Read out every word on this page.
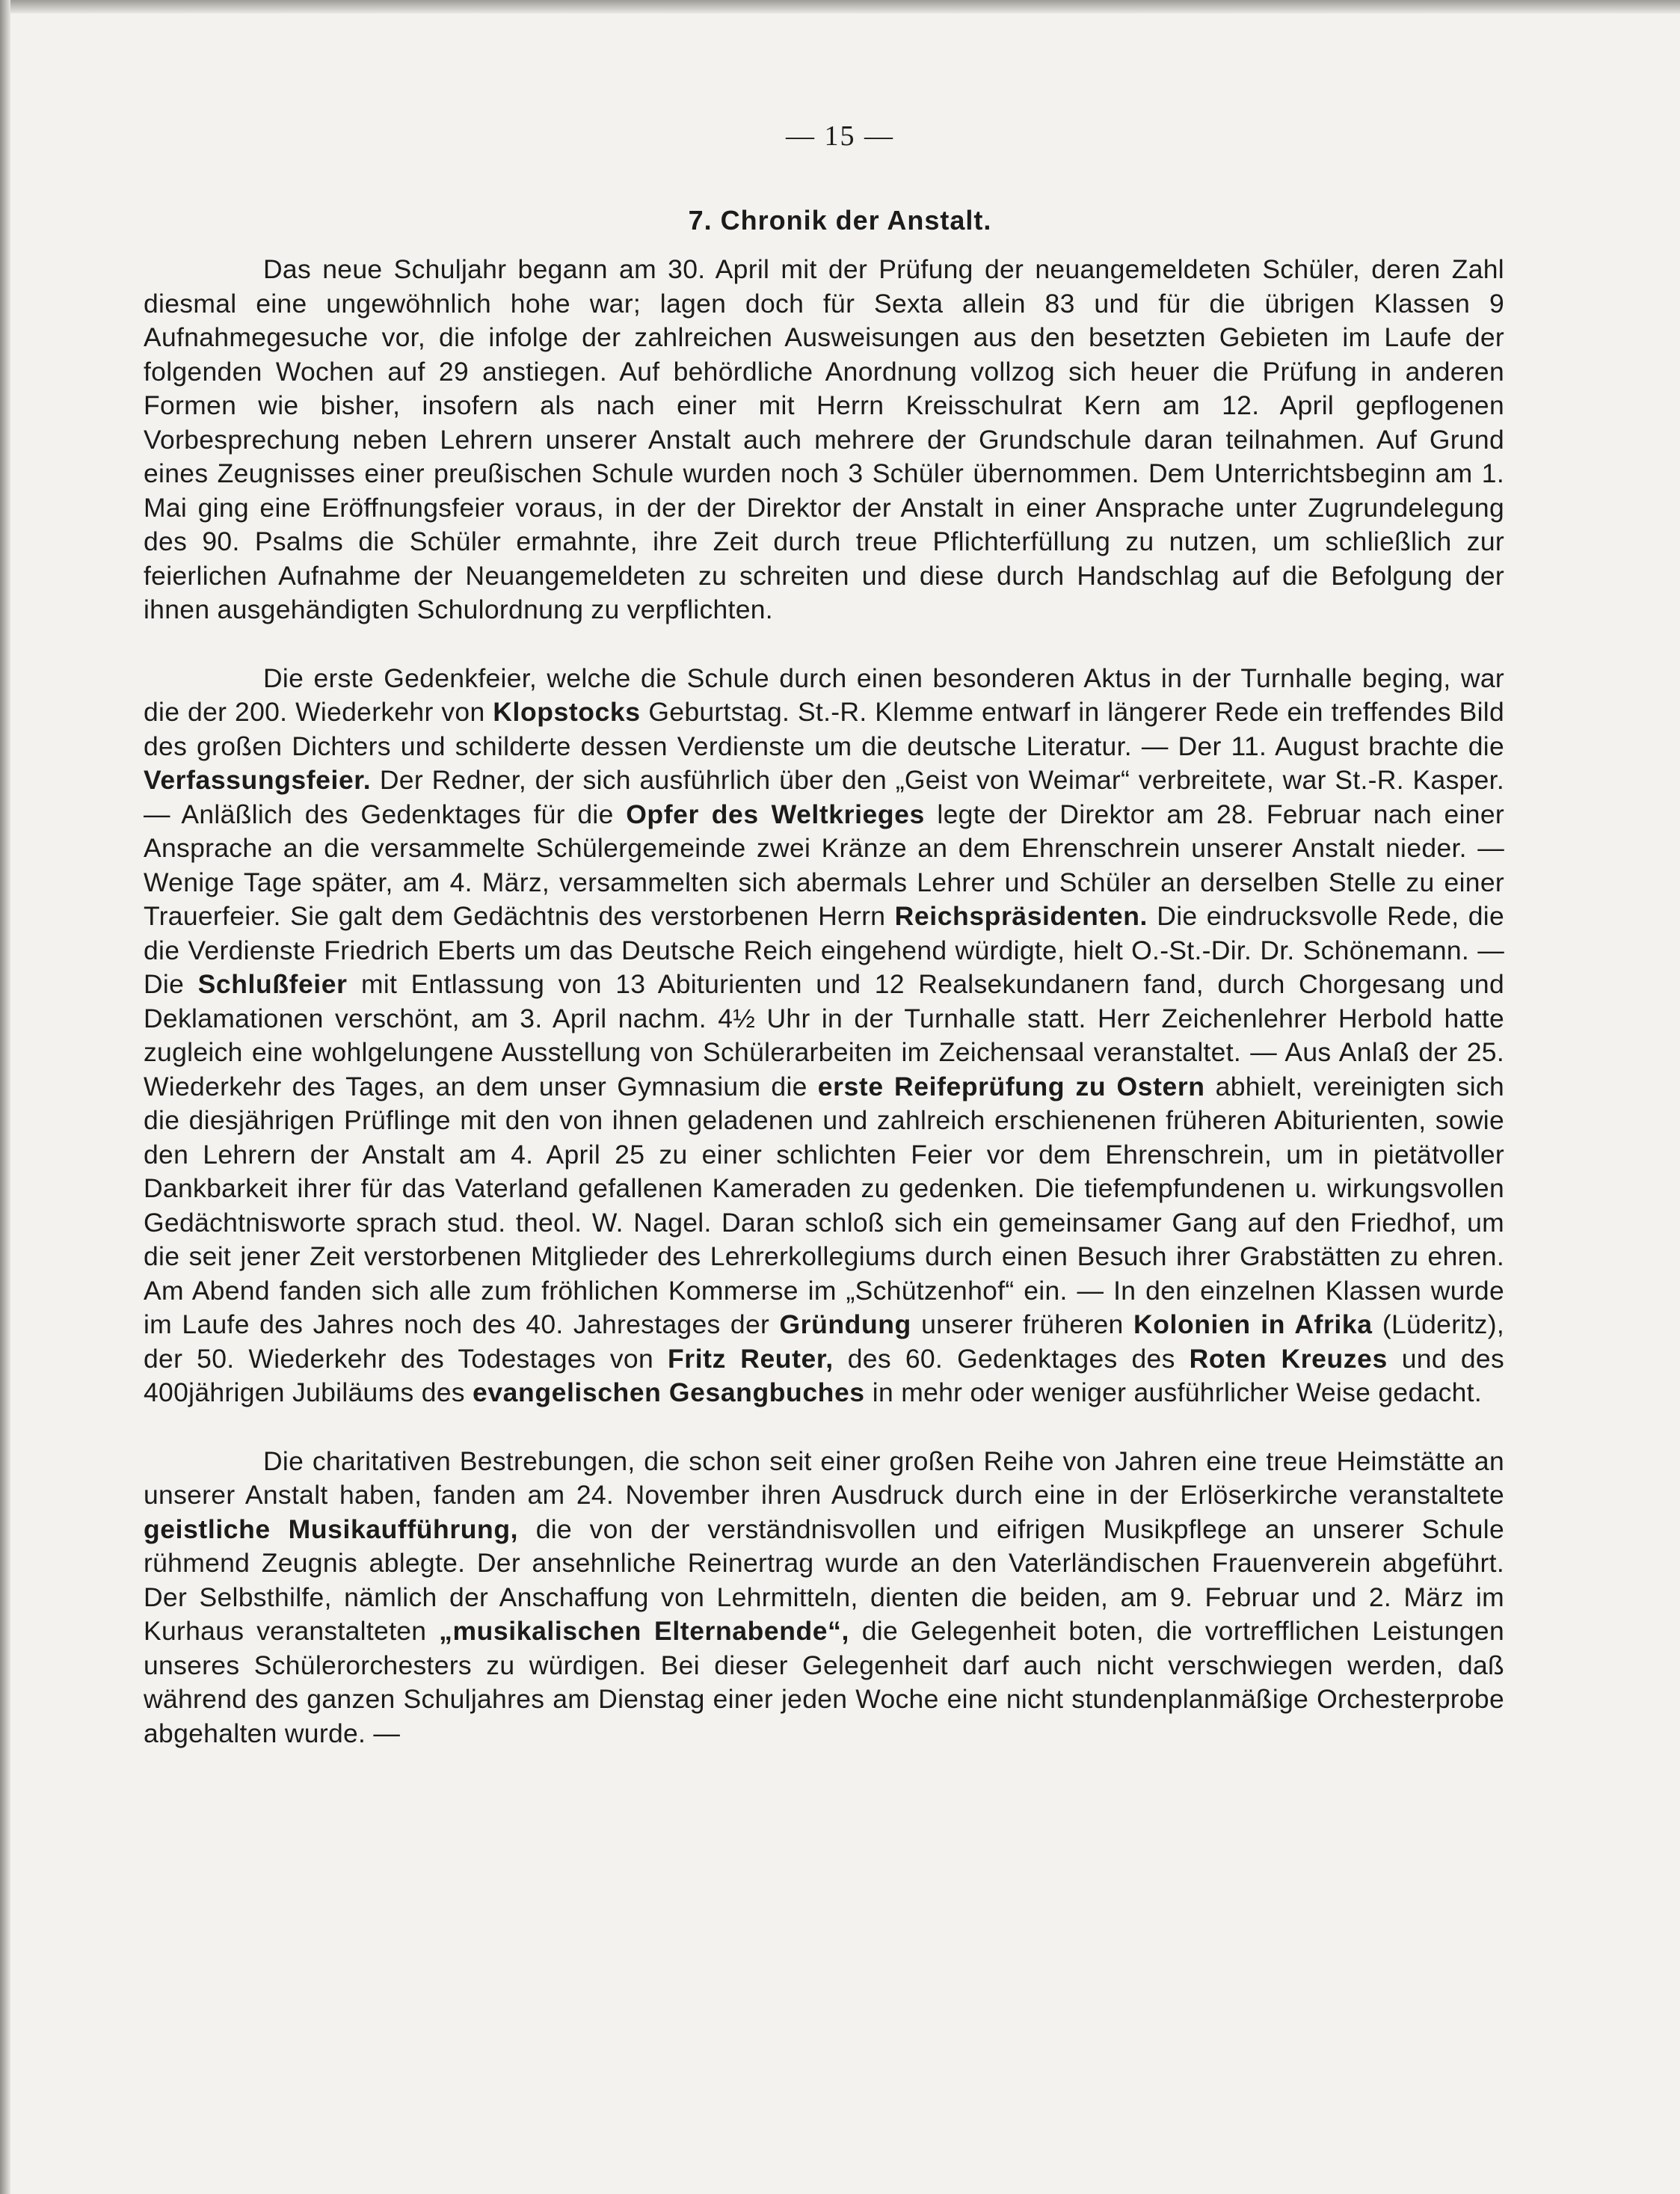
— 15 —
7. Chronik der Anstalt.

Das neue Schuljahr begann am 30. April mit der Prüfung der neuangemeldeten Schüler, deren Zahl diesmal eine ungewöhnlich hohe war; lagen doch für Sexta allein 83 und für die übrigen Klassen 9 Aufnahmegesuche vor, die infolge der zahlreichen Ausweisungen aus den besetzten Gebieten im Laufe der folgenden Wochen auf 29 anstiegen. Auf behördliche Anordnung vollzog sich heuer die Prüfung in anderen Formen wie bisher, insofern als nach einer mit Herrn Kreisschulrat Kern am 12. April gepflogenen Vorbesprechung neben Lehrern unserer Anstalt auch mehrere der Grundschule daran teilnahmen. Auf Grund eines Zeugnisses einer preußischen Schule wurden noch 3 Schüler übernommen. Dem Unterrichtsbeginn am 1. Mai ging eine Eröffnungsfeier voraus, in der der Direktor der Anstalt in einer Ansprache unter Zugrundelegung des 90. Psalms die Schüler ermahnte, ihre Zeit durch treue Pflichterfüllung zu nutzen, um schließlich zur feierlichen Aufnahme der Neuangemeldeten zu schreiten und diese durch Handschlag auf die Befolgung der ihnen ausgehändigten Schulordnung zu verpflichten.

Die erste Gedenkfeier, welche die Schule durch einen besonderen Aktus in der Turnhalle beging, war die der 200. Wiederkehr von Klopstocks Geburtstag. St.-R. Klemme entwarf in längerer Rede ein treffendes Bild des großen Dichters und schilderte dessen Verdienste um die deutsche Literatur. — Der 11. August brachte die Verfassungsfeier. Der Redner, der sich ausführlich über den „Geist von Weimar“ verbreitete, war St.-R. Kasper. — Anläßlich des Gedenktages für die Opfer des Weltkrieges legte der Direktor am 28. Februar nach einer Ansprache an die versammelte Schülergemeinde zwei Kränze an dem Ehrenschrein unserer Anstalt nieder. — Wenige Tage später, am 4. März, versammelten sich abermals Lehrer und Schüler an derselben Stelle zu einer Trauerfeier. Sie galt dem Gedächtnis des verstorbenen Herrn Reichspräsidenten. Die eindrucksvolle Rede, die die Verdienste Friedrich Eberts um das Deutsche Reich eingehend würdigte, hielt O.-St.-Dir. Dr. Schönemann. — Die Schlußfeier mit Entlassung von 13 Abiturienten und 12 Realsekundanern fand, durch Chorgesang und Deklamationen verschönt, am 3. April nachm. 4½ Uhr in der Turnhalle statt. Herr Zeichenlehrer Herbold hatte zugleich eine wohlgelungene Ausstellung von Schülerarbeiten im Zeichensaal veranstaltet. — Aus Anlaß der 25. Wiederkehr des Tages, an dem unser Gymnasium die erste Reifeprüfung zu Ostern abhielt, vereinigten sich die diesjährigen Prüflinge mit den von ihnen geladenen und zahlreich erschienenen früheren Abiturienten, sowie den Lehrern der Anstalt am 4. April 25 zu einer schlichten Feier vor dem Ehrenschrein, um in pietätvoller Dankbarkeit ihrer für das Vaterland gefallenen Kameraden zu gedenken. Die tiefempfundenen u. wirkungsvollen Gedächtnisworte sprach stud. theol. W. Nagel. Daran schloß sich ein gemeinsamer Gang auf den Friedhof, um die seit jener Zeit verstorbenen Mitglieder des Lehrerkollegiums durch einen Besuch ihrer Grabstätten zu ehren. Am Abend fanden sich alle zum fröhlichen Kommerse im „Schützenhof“ ein. — In den einzelnen Klassen wurde im Laufe des Jahres noch des 40. Jahrestages der Gründung unserer früheren Kolonien in Afrika (Lüderitz), der 50. Wiederkehr des Todestages von Fritz Reuter, des 60. Gedenktages des Roten Kreuzes und des 400jährigen Jubiläums des evangelischen Gesangbuches in mehr oder weniger ausführlicher Weise gedacht.

Die charitativen Bestrebungen, die schon seit einer großen Reihe von Jahren eine treue Heimstätte an unserer Anstalt haben, fanden am 24. November ihren Ausdruck durch eine in der Erlöserkirche veranstaltete geistliche Musikaufführung, die von der verständnisvollen und eifrigen Musikpflege an unserer Schule rühmend Zeugnis ablegte. Der ansehnliche Reinertrag wurde an den Vaterländischen Frauenverein abgeführt. Der Selbsthilfe, nämlich der Anschaffung von Lehrmitteln, dienten die beiden, am 9. Februar und 2. März im Kurhaus veranstalteten „musikalischen Elternabende“, die Gelegenheit boten, die vortrefflichen Leistungen unseres Schülerorchesters zu würdigen. Bei dieser Gelegenheit darf auch nicht verschwiegen werden, daß während des ganzen Schuljahres am Dienstag einer jeden Woche eine nicht stundenplanmäßige Orchesterprobe abgehalten wurde. —
